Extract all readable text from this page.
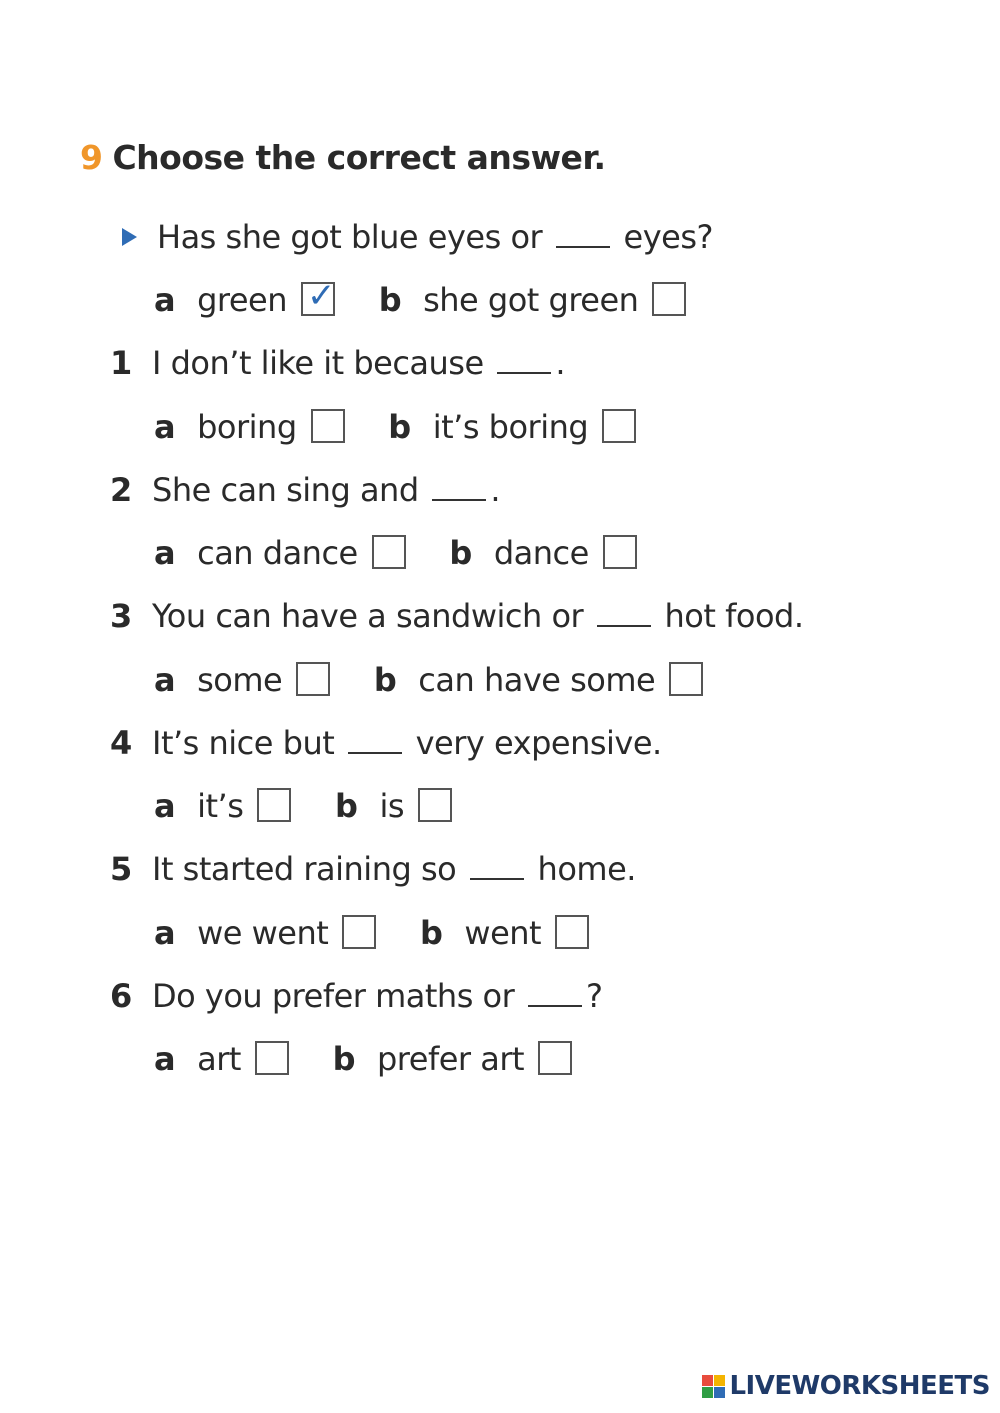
9 Choose the correct answer.
Has she got blue eyes or	eyes?
a green ✓ b she got green
1 I don’t like it because .
a boring	b it’s boring
2 She can sing and .
a can dance	b dance
3 You can have a sandwich or	hot food.
a some	b can have some
4 It’s nice but	very expensive.
a it’s	b is
5 It started raining so	home.
a we went	b went
6 Do you prefer maths or ?
a art	b prefer art
LIVEWORKSHEETS
